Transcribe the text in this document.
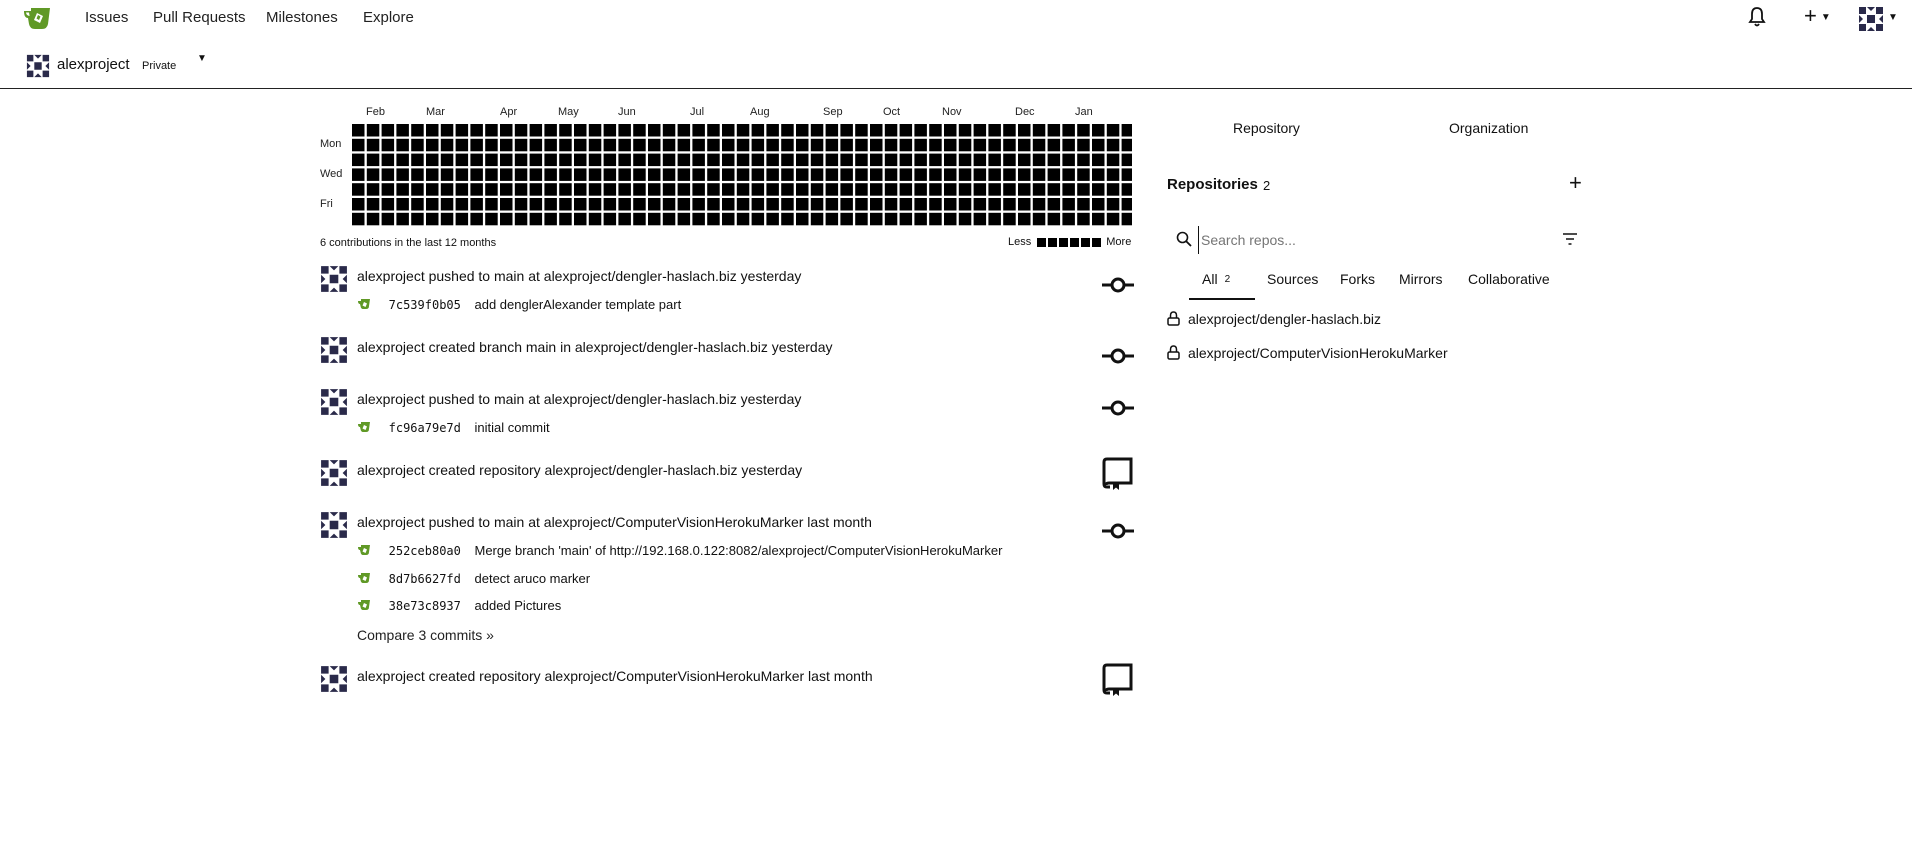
Issues Pull Requests Milestones Explore	+ ▼	▼
alexproject Private
▼
Feb	Mar	Apr	May	Jun	Jul	Aug	Sep	Oct	Nov	Dec	Jan
Mon
Wed
Fri
6 contributions in the last 12 months	Less	More
alexproject pushed to main at alexproject/dengler-haslach.biz yesterday
7c539f0b05 add denglerAlexander template part
alexproject created branch main in alexproject/dengler-haslach.biz yesterday
alexproject pushed to main at alexproject/dengler-haslach.biz yesterday
fc96a79e7d initial commit
alexproject created repository alexproject/dengler-haslach.biz yesterday
alexproject pushed to main at alexproject/ComputerVisionHerokuMarker last month
252ceb80a0 Merge branch 'main' of http://192.168.0.122:8082/alexproject/ComputerVisionHerokuMarker
8d7b6627fd detect aruco marker
38e73c8937 added Pictures
Compare 3 commits »
alexproject created repository alexproject/ComputerVisionHerokuMarker last month
Repository	Organization
Repositories 2	+
Search repos...
All 2	Sources Forks Mirrors Collaborative
alexproject/dengler-haslach.biz
alexproject/ComputerVisionHerokuMarker
